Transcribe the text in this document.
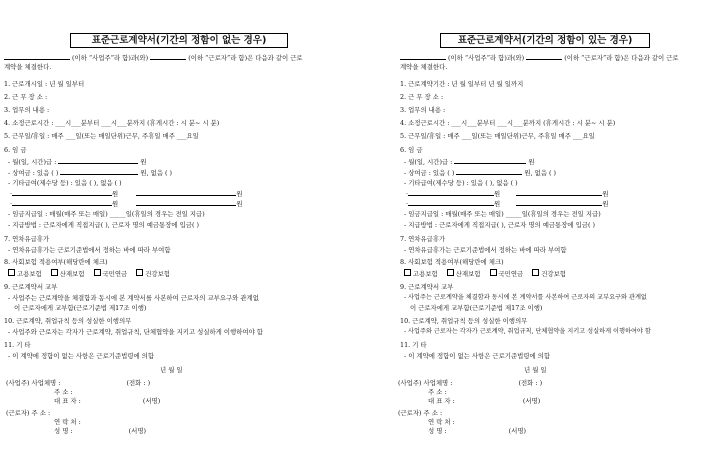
표준근로계약서(기간의 정함이 없는 경우)
(이하 “사업주”라 함)과(와)	(이하 “근로자”라 함)은 다음과 같이 근로
계약을 체결한다.
1. 근로개시일 : 년 월 일부터
2. 근 무 장 소 :
3. 업무의 내용 :
4. 소정근로시간 : ___시___분부터 ___시___분까지 (휴게시간 : 시 분~ 시 분)
5. 근무일/휴일 : 매주 ___일(또는 매일단위)근무, 주휴일 매주 ___요일
6. 임 금
- 월(일, 시간)급 :	원
- 상여금 : 있음 ( )	원, 없음 ( )
- 기타급여(제수당 등) : 있음 ( ), 없음 ( )
·	원	원
·	원	원
- 임금지급일 : 매월(매주 또는 매일) _____일(휴일의 경우는 전일 지급)
- 지급방법 : 근로자에게 직접지급( ), 근로자 명의 예금통장에 입금( )
7. 연차유급휴가
- 연차유급휴가는 근로기준법에서 정하는 바에 따라 부여함
8. 사회보험 적용여부(해당란에 체크)
고용보험	산재보험	국민연금	건강보험
9. 근로계약서 교부
- 사업주는 근로계약을 체결함과 동시에 본 계약서를 사본하여 근로자의 교부요구와 관계없
이 근로자에게 교부함(근로기준법 제17조 이행)
10. 근로계약, 취업규칙 등의 성실한 이행의무
- 사업주와 근로자는 각자가 근로계약, 취업규칙, 단체협약을 지키고 성실하게 이행하여야 함
11. 기 타
- 이 계약에 정함이 없는 사항은 근로기준법령에 의함
년 월 일
(사업주) 사업체명 :	(전화 : )
주 소 :
대 표 자 :	(서명)
(근로자) 주 소 :
연 락 처 :
성 명 :	(서명)
표준근로계약서(기간의 정함이 있는 경우)
(이하 “사업주”라 함)과(와)	(이하 “근로자”라 함)은 다음과 같이 근로
계약을 체결한다.
1. 근로계약기간 : 년 월 일부터 년 월 일까지
2. 근 무 장 소 :
3. 업무의 내용 :
4. 소정근로시간 : ___시___분부터 ___시___분까지 (휴게시간 : 시 분~ 시 분)
5. 근무일/휴일 : 매주 ___일(또는 매일단위)근무, 주휴일 매주 ___요일
6. 임 금
- 월(일, 시간)급 :	원
- 상여금 : 있음 ( )	원, 없음 ( )
- 기타급여(제수당 등) : 있음 ( ), 없음 ( )
·	원	원
·	원	원
- 임금지급일 : 매월(매주 또는 매일) _____일(휴일의 경우는 전일 지급)
- 지급방법 : 근로자에게 직접지급( ), 근로자 명의 예금통장에 입금( )
7. 연차유급휴가
- 연차유급휴가는 근로기준법에서 정하는 바에 따라 부여함
8. 사회보험 적용여부(해당란에 체크)
고용보험	산재보험	국민연금	건강보험
9. 근로계약서 교부
- 사업주는 근로계약을 체결함과 동시에 본 계약서를 사본하여 근로자의 교부요구와 관계없
이 근로자에게 교부함(근로기준법 제17조 이행)
10. 근로계약, 취업규칙 등의 성실한 이행의무
- 사업주와 근로자는 각자가 근로계약, 취업규칙, 단체협약을 지키고 성실하게 이행하여야 함
11. 기 타
- 이 계약에 정함이 없는 사항은 근로기준법령에 의함
년 월 일
(사업주) 사업체명 :	(전화 : )
주 소 :
대 표 자 :	(서명)
(근로자) 주 소 :
연 락 처 :
성 명 :	(서명)
